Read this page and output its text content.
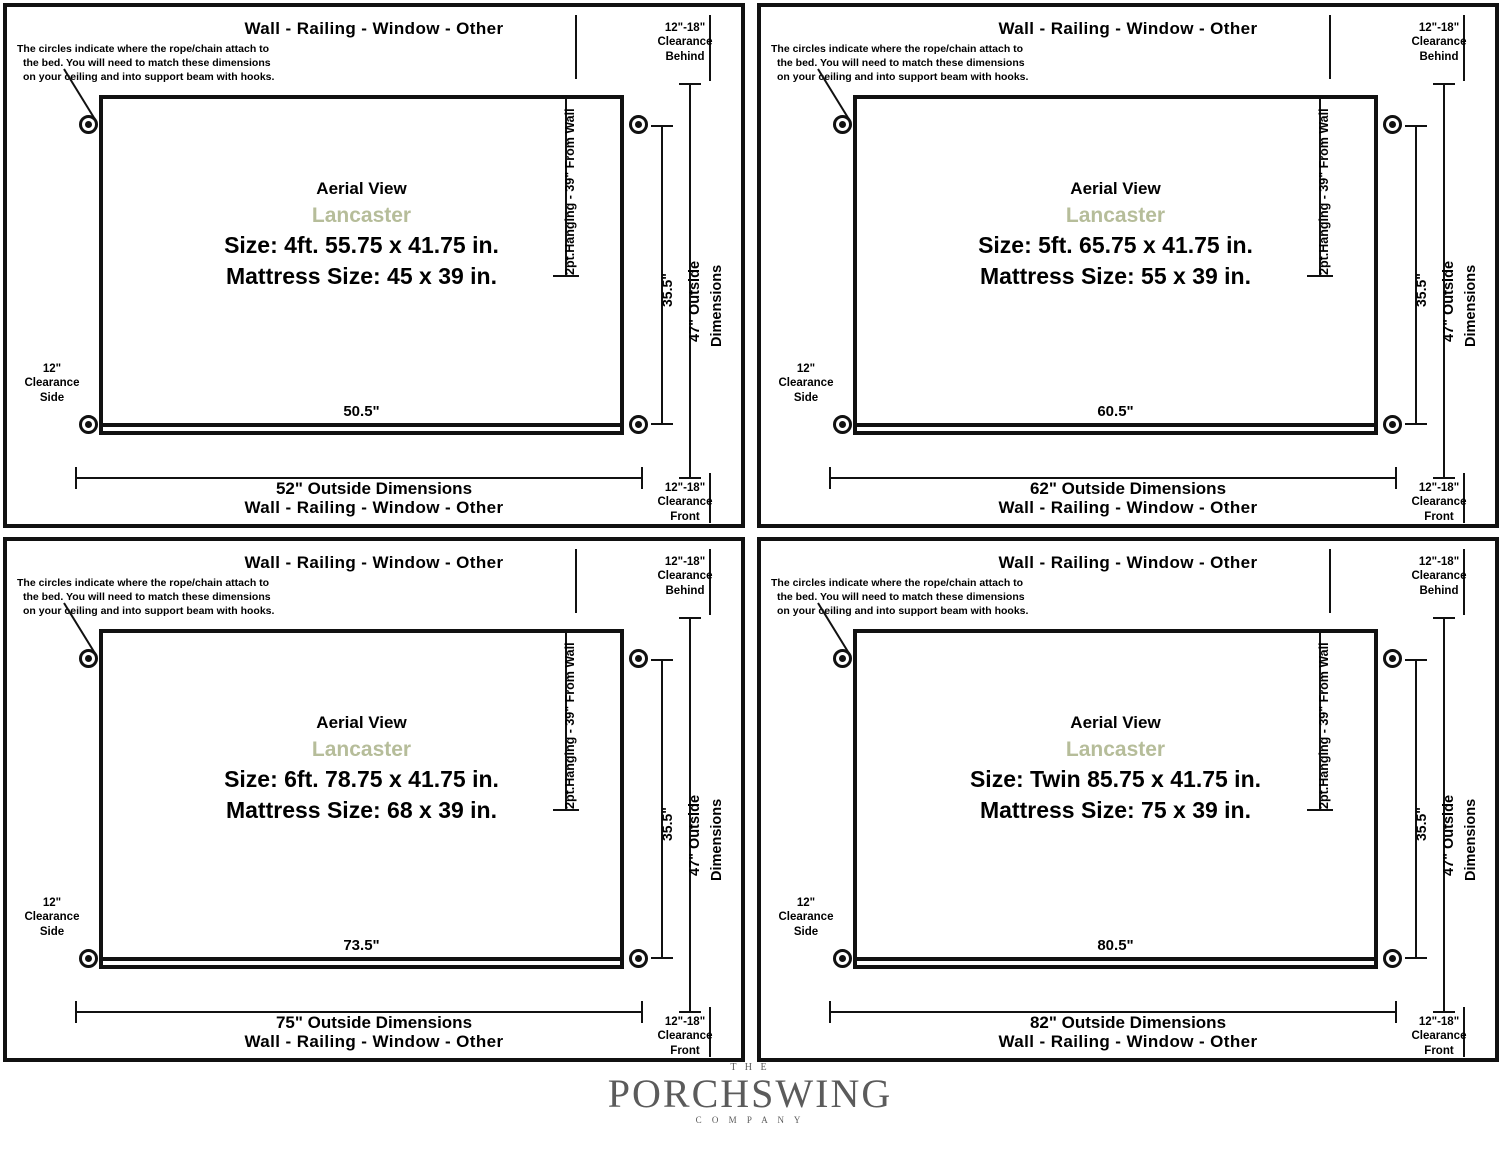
Wall - Railing - Window - Other
The circles indicate where the rope/chain attach to
the bed. You will need to match these dimensions
on your ceiling and into support beam with hooks.
50.5"
Aerial View
Lancaster
Size: 4ft. 55.75 x 41.75 in.
Mattress Size: 45 x 39 in.
2pt.Hanging - 39" From Wall
35.5" 47" Outside Dimensions
12"-18"
Clearance
Behind
12"-18"
Clearance
Front
12"
Clearance
Side
52" Outside Dimensions
Wall - Railing - Window - Other
Wall - Railing - Window - Other
The circles indicate where the rope/chain attach to
the bed. You will need to match these dimensions
on your ceiling and into support beam with hooks.
60.5"
Aerial View
Lancaster
Size: 5ft. 65.75 x 41.75 in.
Mattress Size: 55 x 39 in.
2pt.Hanging - 39" From Wall
35.5" 47" Outside Dimensions
12"-18"
Clearance
Behind
12"-18"
Clearance
Front
12"
Clearance
Side
62" Outside Dimensions
Wall - Railing - Window - Other
Wall - Railing - Window - Other
The circles indicate where the rope/chain attach to
the bed. You will need to match these dimensions
on your ceiling and into support beam with hooks.
73.5"
Aerial View
Lancaster
Size: 6ft. 78.75 x 41.75 in.
Mattress Size: 68 x 39 in.
2pt.Hanging - 39" From Wall
35.5" 47" Outside Dimensions
12"-18"
Clearance
Behind
12"-18"
Clearance
Front
12"
Clearance
Side
75" Outside Dimensions
Wall - Railing - Window - Other
Wall - Railing - Window - Other
The circles indicate where the rope/chain attach to
the bed. You will need to match these dimensions
on your ceiling and into support beam with hooks.
80.5"
Aerial View
Lancaster
Size: Twin 85.75 x 41.75 in.
Mattress Size: 75 x 39 in.
2pt.Hanging - 39" From Wall
35.5" 47" Outside Dimensions
12"-18"
Clearance
Behind
12"-18"
Clearance
Front
12"
Clearance
Side
82" Outside Dimensions
Wall - Railing - Window - Other
T H E
PORCHSWING
C O M P A N Y
